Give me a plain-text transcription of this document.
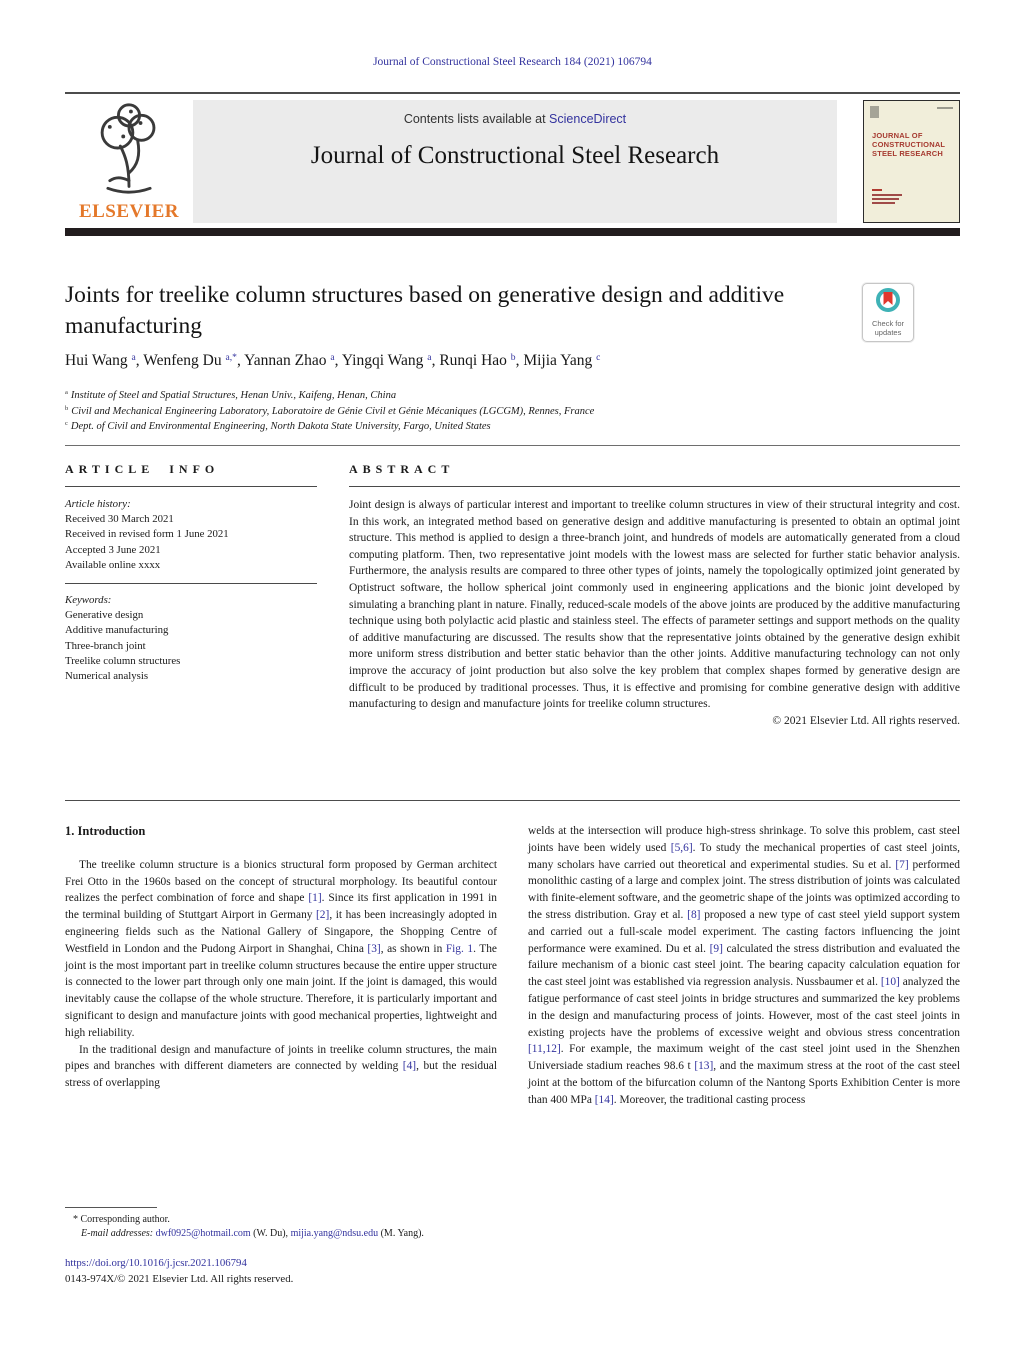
Journal of Constructional Steel Research 184 (2021) 106794
ELSEVIER
Contents lists available at ScienceDirect
Journal of Constructional Steel Research
JOURNAL OF CONSTRUCTIONAL STEEL RESEARCH
Joints for treelike column structures based on generative design and additive manufacturing	Check for
updates
Hui Wang $^a$, Wenfeng Du $^{a,*}$, Yannan Zhao $^a$, Yingqi Wang $^a$, Runqi Hao $^b$, Mijia Yang $^c$
$^a$ Institute of Steel and Spatial Structures, Henan Univ., Kaifeng, Henan, China
$^b$ Civil and Mechanical Engineering Laboratory, Laboratoire de Génie Civil et Génie Mécaniques (LGCGM), Rennes, France
$^c$ Dept. of Civil and Environmental Engineering, North Dakota State University, Fargo, United States
ARTICLE INFO
Article history:
Received 30 March 2021
Received in revised form 1 June 2021
Accepted 3 June 2021
Available online xxxx
Keywords:
Generative design
Additive manufacturing
Three-branch joint
Treelike column structures
Numerical analysis
ABSTRACT
Joint design is always of particular interest and important to treelike column structures in view of their structural integrity and cost. In this work, an integrated method based on generative design and additive manufacturing is presented to obtain an optimal joint structure. This method is applied to design a three-branch joint, and hundreds of models are automatically generated from a cloud computing platform. Then, two representative joint models with the lowest mass are selected for further static behavior analysis. Furthermore, the analysis results are compared to three other types of joints, namely the topologically optimized joint generated by Optistruct software, the hollow spherical joint commonly used in engineering applications and the bionic joint developed by simulating a branching plant in nature. Finally, reduced-scale models of the above joints are produced by the additive manufacturing technique using both polylactic acid plastic and stainless steel. The effects of parameter settings and support methods on the quality of additive manufacturing are discussed. The results show that the representative joints obtained by the generative design exhibit more uniform stress distribution and better static behavior than the other joints. Additive manufacturing technology can not only improve the accuracy of joint production but also solve the key problem that complex shapes formed by generative design are difficult to be produced by traditional processes. Thus, it is effective and promising for combine generative design with additive manufacturing to design and manufacture joints for treelike column structures.
© 2021 Elsevier Ltd. All rights reserved.
1. Introduction

The treelike column structure is a bionics structural form proposed by German architect Frei Otto in the 1960s based on the concept of structural morphology. Its beautiful contour realizes the perfect combination of force and shape [1]. Since its first application in 1991 in the terminal building of Stuttgart Airport in Germany [2], it has been increasingly adopted in engineering fields such as the National Gallery of Singapore, the Shopping Centre of Westfield in London and the Pudong Airport in Shanghai, China [3], as shown in Fig. 1. The joint is the most important part in treelike column structures because the entire upper structure is connected to the lower part through only one main joint. If the joint is damaged, this would inevitably cause the collapse of the whole structure. Therefore, it is particularly important and significant to design and manufacture joints with good mechanical properties, lightweight and high reliability.

In the traditional design and manufacture of joints in treelike column structures, the main pipes and branches with different diameters are connected by welding [4], but the residual stress of overlapping

* Corresponding author.
E-mail addresses: dwf0925@hotmail.com (W. Du), mijia.yang@ndsu.edu (M. Yang).

welds at the intersection will produce high-stress shrinkage. To solve this problem, cast steel joints have been widely used [5,6]. To study the mechanical properties of cast steel joints, many scholars have carried out theoretical and experimental studies. Su et al. [7] performed monolithic casting of a large and complex joint. The stress distribution of joints was calculated with finite-element software, and the geometric shape of the joints was optimized according to the stress distribution. Gray et al. [8] proposed a new type of cast steel yield support system and carried out a full-scale model experiment. The casting factors influencing the joint performance were examined. Du et al. [9] calculated the stress distribution and evaluated the failure mechanism of a bionic cast steel joint. The bearing capacity calculation equation for the cast steel joint was established via regression analysis. Nussbaumer et al. [10] analyzed the fatigue performance of cast steel joints in bridge structures and summarized the key problems in the design and manufacturing process of joints. However, most of the cast steel joints in existing projects have the problems of excessive weight and obvious stress concentration [11,12]. For example, the maximum weight of the cast steel joint used in the Shenzhen Universiade stadium reaches 98.6 t [13], and the maximum stress at the root of the cast steel joint at the bottom of the bifurcation column of the Nantong Sports Exhibition Center is more than 400 MPa [14]. Moreover, the traditional casting process

https://doi.org/10.1016/j.jcsr.2021.106794
0143-974X/© 2021 Elsevier Ltd. All rights reserved.
